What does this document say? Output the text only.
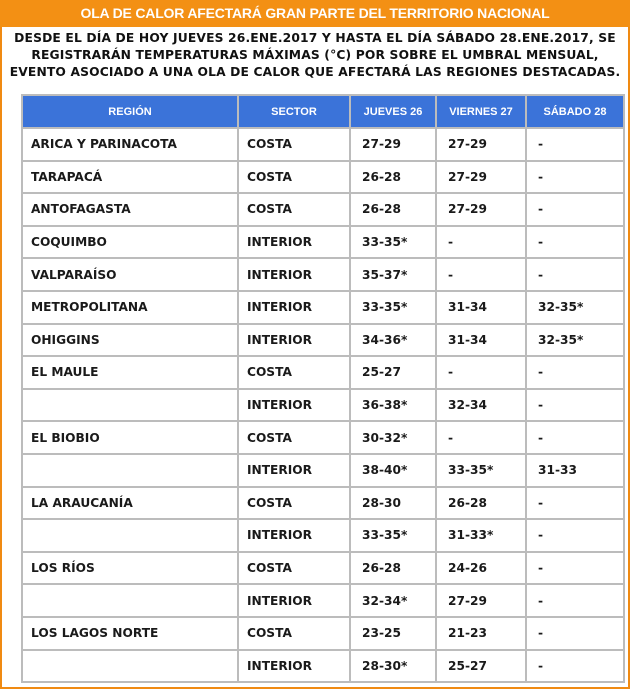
OLA DE CALOR AFECTARÁ GRAN PARTE DEL TERRITORIO NACIONAL
DESDE EL DÍA DE HOY JUEVES 26.ENE.2017 Y HASTA EL DÍA SÁBADO 28.ENE.2017, SE
REGISTRARÁN TEMPERATURAS MÁXIMAS (°C) POR SOBRE EL UMBRAL MENSUAL,
EVENTO ASOCIADO A UNA OLA DE CALOR QUE AFECTARÁ LAS REGIONES DESTACADAS.
REGIÓN	SECTOR	JUEVES 26	VIERNES 27	SÁBADO 28
ARICA Y PARINACOTA	COSTA	27-29	27-29	-
TARAPACÁ	COSTA	26-28	27-29	-
ANTOFAGASTA	COSTA	26-28	27-29	-
COQUIMBO	INTERIOR	33-35*	-	-
VALPARAÍSO	INTERIOR	35-37*	-	-
METROPOLITANA	INTERIOR	33-35*	31-34	32-35*
OHIGGINS	INTERIOR	34-36*	31-34	32-35*
EL MAULE	COSTA	25-27	-	-
	INTERIOR	36-38*	32-34	-
EL BIOBIO	COSTA	30-32*	-	-
	INTERIOR	38-40*	33-35*	31-33
LA ARAUCANÍA	COSTA	28-30	26-28	-
	INTERIOR	33-35*	31-33*	-
LOS RÍOS	COSTA	26-28	24-26	-
	INTERIOR	32-34*	27-29	-
LOS LAGOS NORTE	COSTA	23-25	21-23	-
	INTERIOR	28-30*	25-27	-
